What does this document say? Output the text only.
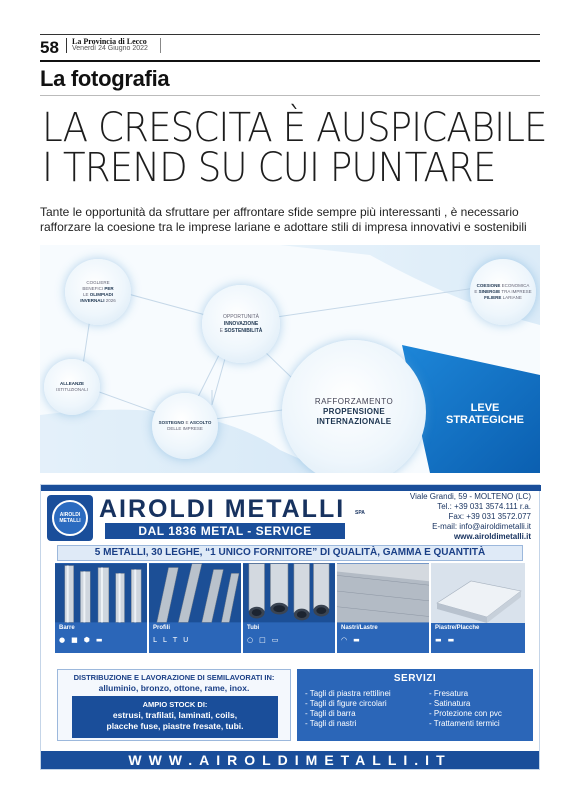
58 La Provincia di Lecco
Venerdì 24 Giugno 2022
La fotografia
LA CRESCITA È AUSPICABILE
I TREND SU CUI PUNTARE
Tante le opportunità da sfruttare per affrontare sfide sempre più interessanti , è necessario rafforzare la coesione tra le imprese lariane e adottare stili di impresa innovativi e sostenibili
COGLIERE
BENEFICI PER
LE OLIMPIADI
INVERNALI 2026
COESIONE ECONOMICA
E SINERGIE TRA IMPRESE
FILIERE LARIANE
OPPORTUNITÀ
INNOVAZIONE
E SOSTENIBILITÀ
ALLEANZE
ISTITUZIONALI
SOSTEGNO E ASCOLTO
DELLE IMPRESE
RAFFORZAMENTO
PROPENSIONE
INTERNAZIONALE
LEVE
STRATEGICHE
AIROLDI
METALLI AIROLDI METALLI SPA
DAL 1836 METAL - SERVICE
Viale Grandi, 59 - MOLTENO (LC)
Tel.: +39 031 3574.111 r.a.
Fax: +39 031 3572.077
E-mail: info@airoldimetalli.it
www.airoldimetalli.it
5 METALLI, 30 LEGHE, “1 UNICO FORNITORE” DI QUALITÀ, GAMMA E QUANTITÀ
Barre
● ■ ⬢ ▬
Profili
L L T U
Tubi
○ □ ▭
Nastri/Lastre
◠ ▬
Piastre/Placche
▬ ▬
DISTRIBUZIONE E LAVORAZIONE DI SEMILAVORATI IN:
alluminio, bronzo, ottone, rame, inox.
AMPIO STOCK DI:
estrusi, trafilati, laminati, coils,
placche fuse, piastre fresate, tubi.
SERVIZI
- Tagli di piastra rettilinei
- Tagli di figure circolari
- Tagli di barra
- Tagli di nastri
- Fresatura
- Satinatura
- Protezione con pvc
- Trattamenti termici
WWW.AIROLDIMETALLI.IT
